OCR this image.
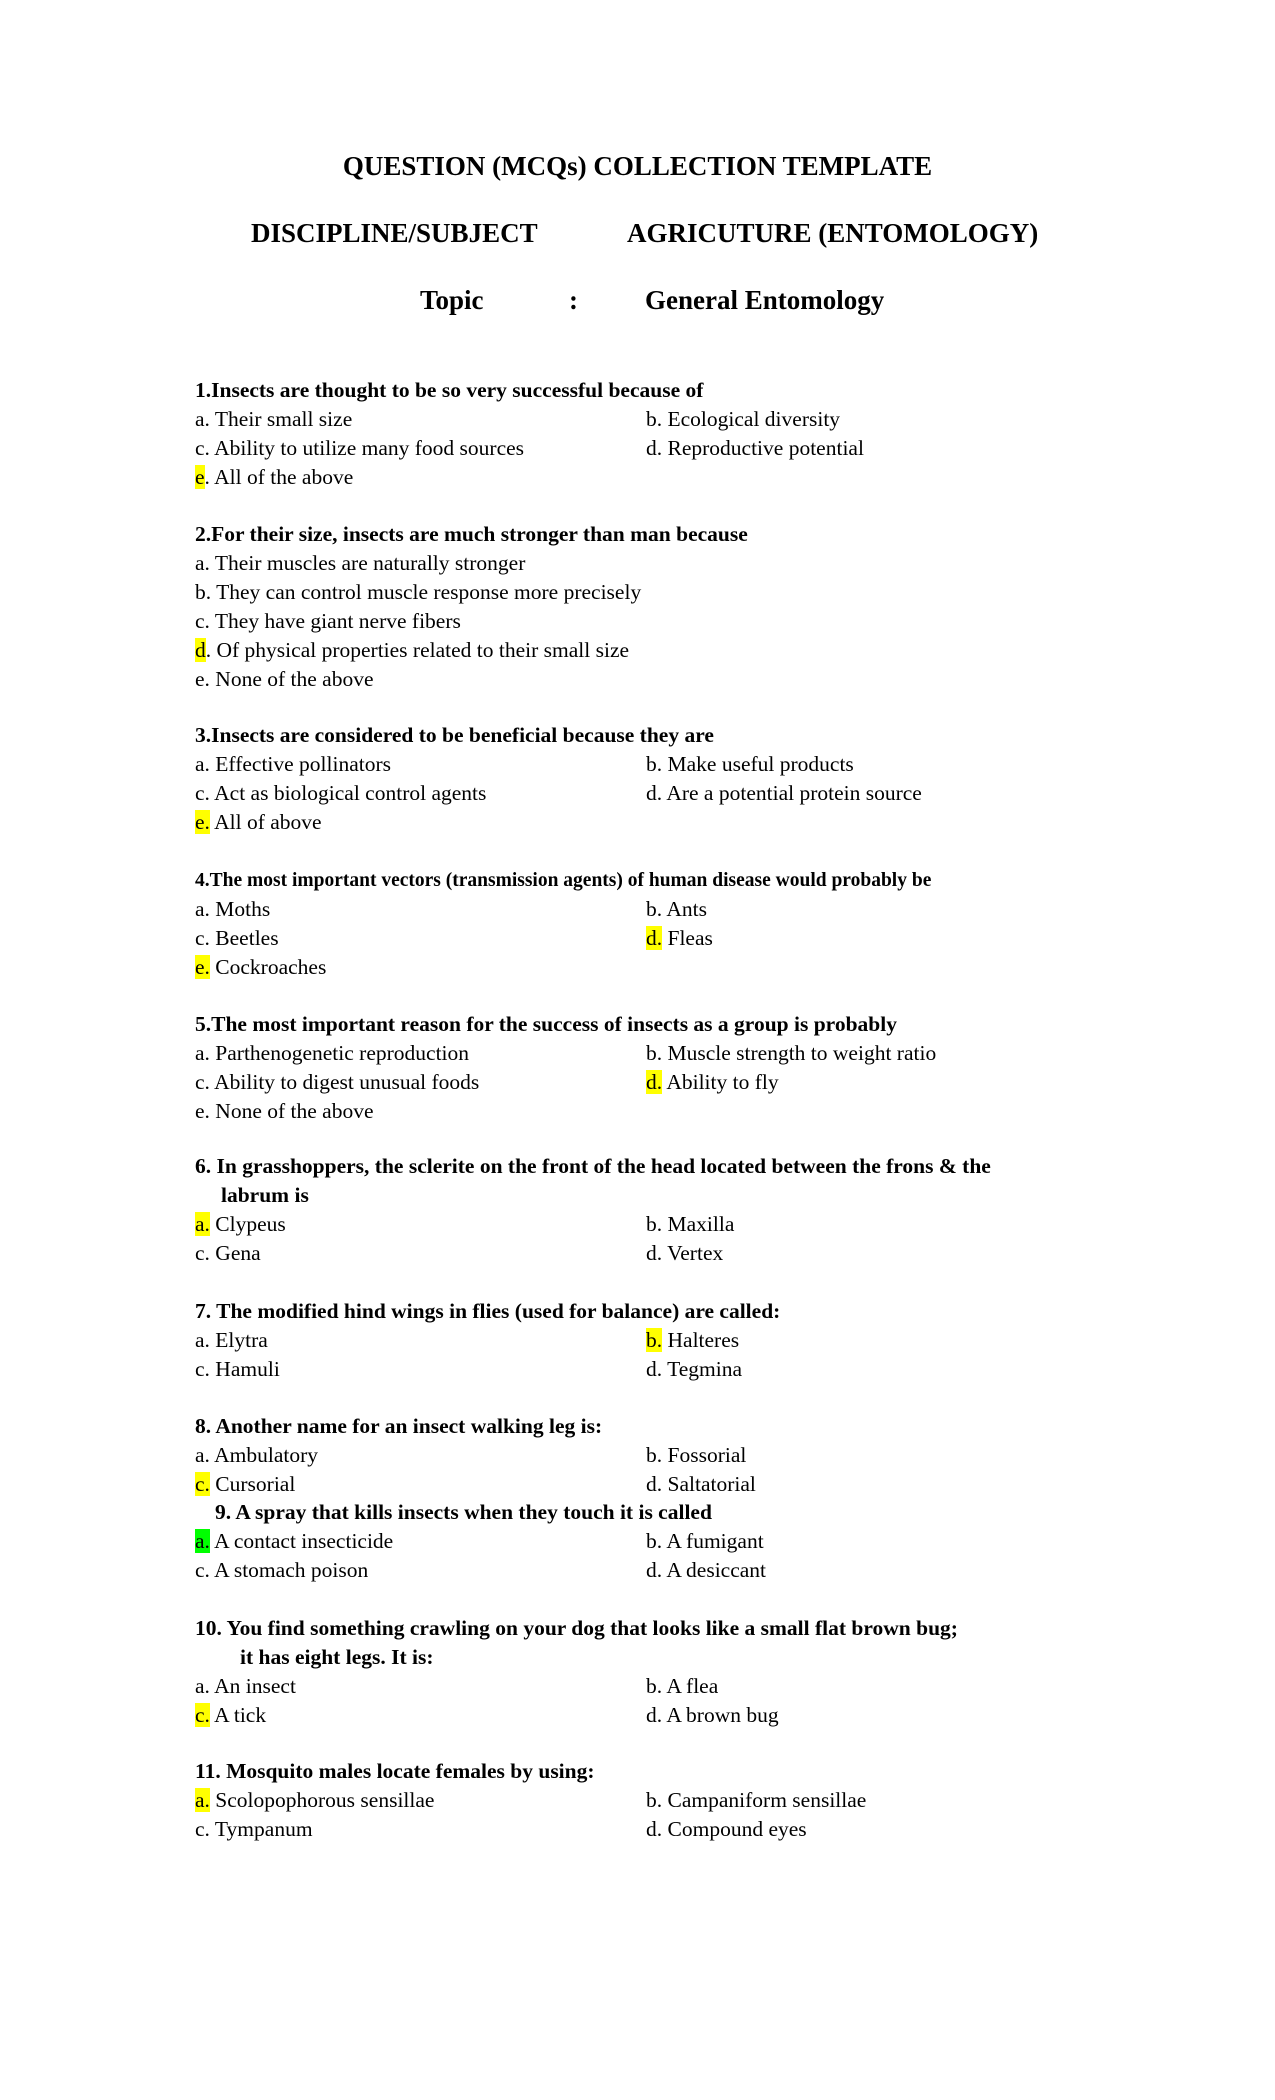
QUESTION (MCQs) COLLECTION TEMPLATE
DISCIPLINE/SUBJECT	AGRICUTURE (ENTOMOLOGY)
Topic	: General Entomology
1.Insects are thought to be so very successful because of
a. Their small size	b. Ecological diversity
c. Ability to utilize many food sources	d. Reproductive potential
e. All of the above
2.For their size, insects are much stronger than man because
a. Their muscles are naturally stronger
b. They can control muscle response more precisely
c. They have giant nerve fibers
d. Of physical properties related to their small size
e. None of the above
3.Insects are considered to be beneficial because they are
a. Effective pollinators	b. Make useful products
c. Act as biological control agents	d. Are a potential protein source
e. All of above
4.The most important vectors (transmission agents) of human disease would probably be
a. Moths	b. Ants
c. Beetles	d. Fleas
e. Cockroaches
5.The most important reason for the success of insects as a group is probably
a. Parthenogenetic reproduction	b. Muscle strength to weight ratio
c. Ability to digest unusual foods	d. Ability to fly
e. None of the above
6. In grasshoppers, the sclerite on the front of the head located between the frons & the
labrum is
a. Clypeus	b. Maxilla
c. Gena	d. Vertex
7. The modified hind wings in flies (used for balance) are called:
a. Elytra	b. Halteres
c. Hamuli	d. Tegmina
8. Another name for an insect walking leg is:
a. Ambulatory	b. Fossorial
c. Cursorial	d. Saltatorial
9. A spray that kills insects when they touch it is called
a. A contact insecticide	b. A fumigant
c. A stomach poison	d. A desiccant
10. You find something crawling on your dog that looks like a small flat brown bug;
it has eight legs. It is:
a. An insect	b. A flea
c. A tick	d. A brown bug
11. Mosquito males locate females by using:
a. Scolopophorous sensillae	b. Campaniform sensillae
c. Tympanum	d. Compound eyes
